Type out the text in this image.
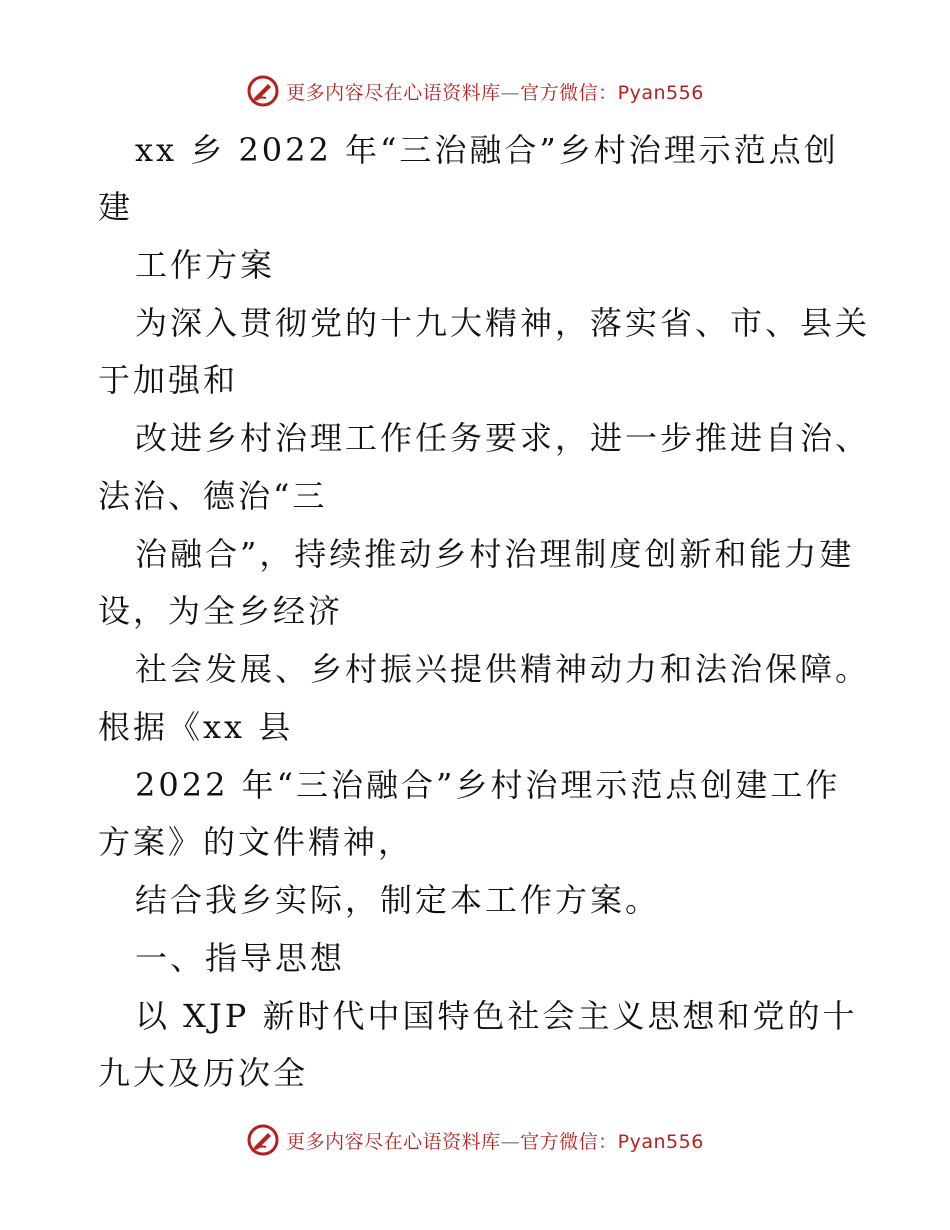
更多内容尽在心语资料库—官方微信：Pyan556
xx 乡 2022 年“三治融合”乡村治理示范点创
建
工作方案
为深入贯彻党的十九大精神，落实省、市、县关
于加强和
改进乡村治理工作任务要求，进一步推进自治、
法治、德治“三
治融合”，持续推动乡村治理制度创新和能力建
设，为全乡经济
社会发展、乡村振兴提供精神动力和法治保障。
根据《xx 县
2022 年“三治融合”乡村治理示范点创建工作
方案》的文件精神，
结合我乡实际，制定本工作方案。
一、指导思想
以 XJP 新时代中国特色社会主义思想和党的十
九大及历次全
更多内容尽在心语资料库—官方微信：Pyan556
